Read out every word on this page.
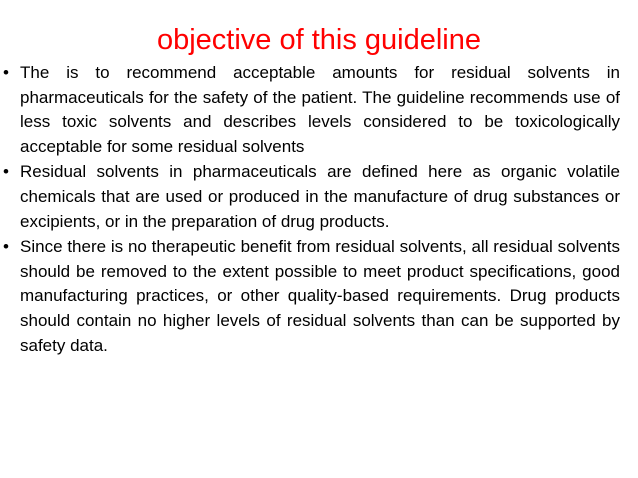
objective of this guideline
• The is to recommend acceptable amounts for residual solvents in pharmaceuticals for the safety of the patient. The guideline recommends use of less toxic solvents and describes levels considered to be toxicologically acceptable for some residual solvents
• Residual solvents in pharmaceuticals are defined here as organic volatile chemicals that are used or produced in the manufacture of drug substances or excipients, or in the preparation of drug products.
• Since there is no therapeutic benefit from residual solvents, all residual solvents should be removed to the extent possible to meet product specifications, good manufacturing practices, or other quality-based requirements. Drug products should contain no higher levels of residual solvents than can be supported by safety data.
